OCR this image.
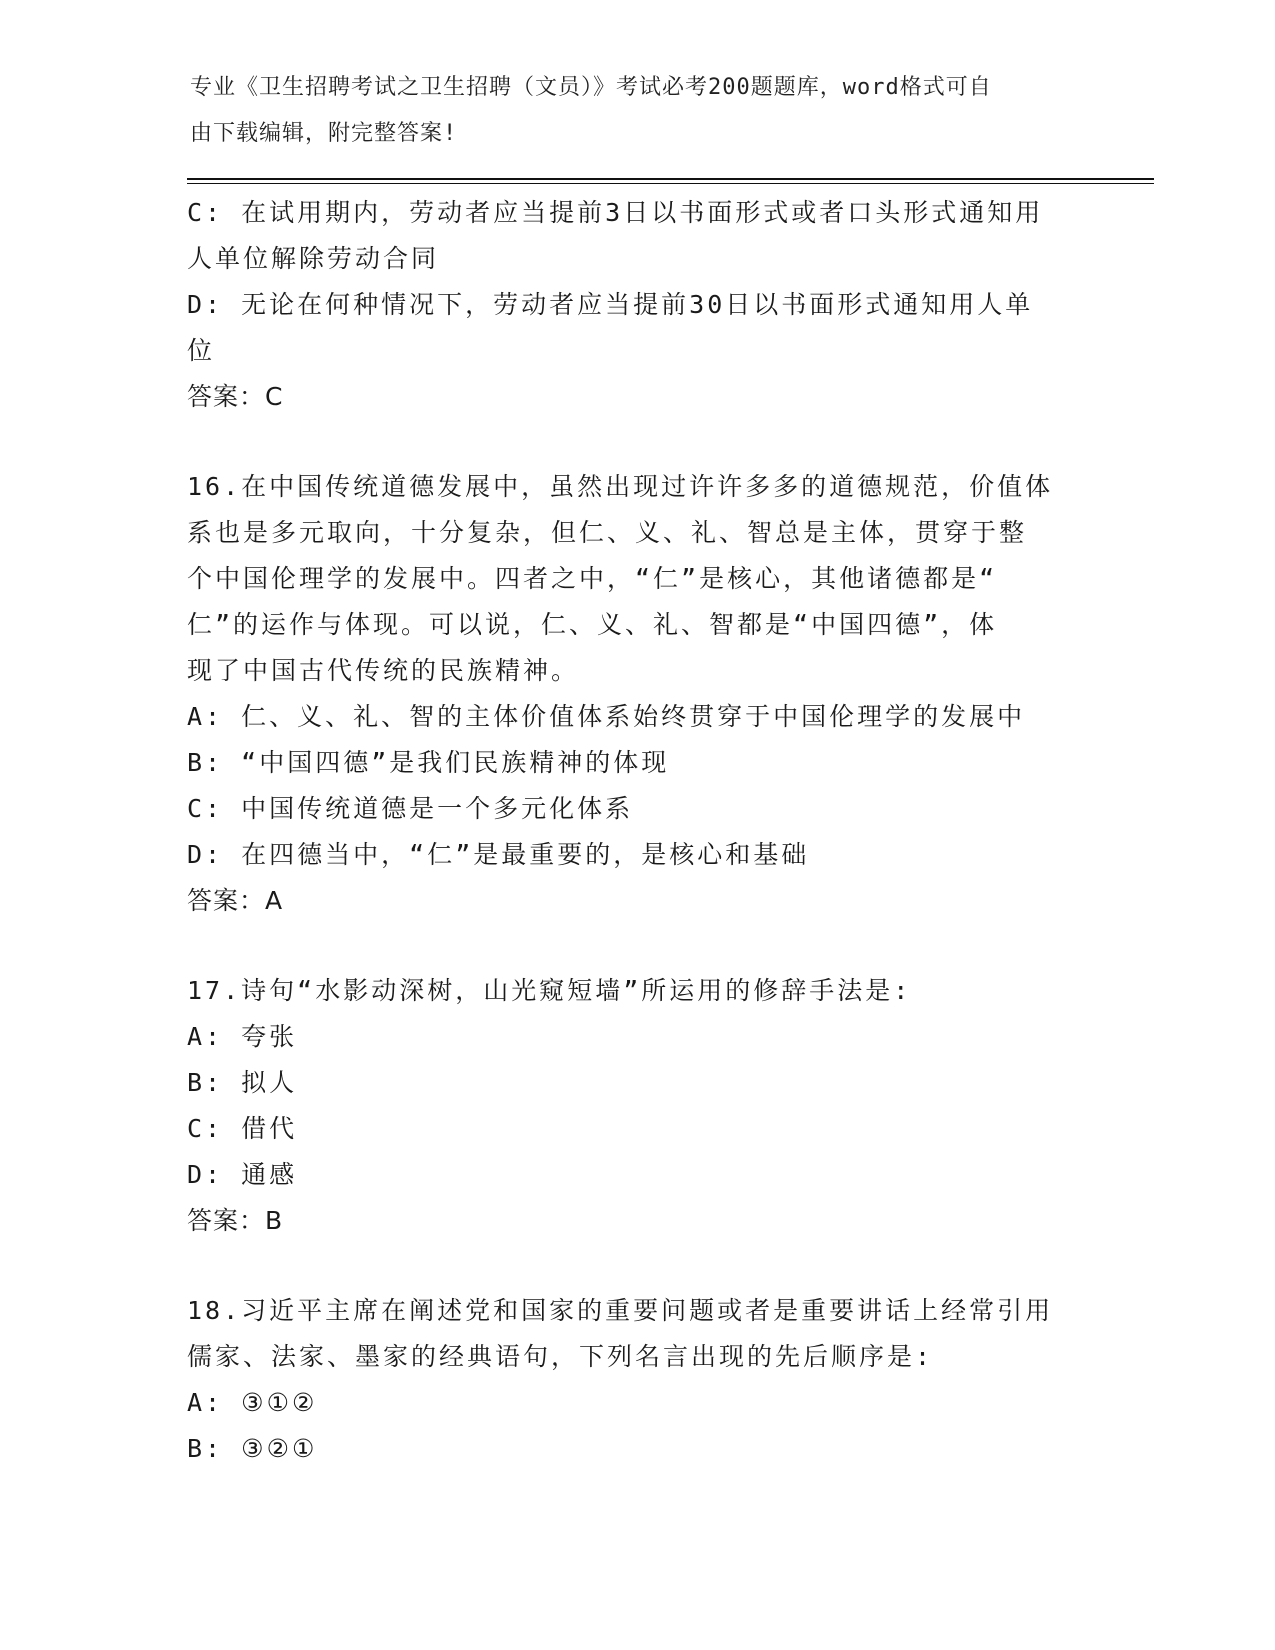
专业《卫生招聘考试之卫生招聘（文员）》考试必考200题题库，word格式可自
由下载编辑，附完整答案!
C: 在试用期内，劳动者应当提前3日以书面形式或者口头形式通知用
人单位解除劳动合同
D: 无论在何种情况下，劳动者应当提前30日以书面形式通知用人单
位
答案：C
16.在中国传统道德发展中，虽然出现过许许多多的道德规范，价值体
系也是多元取向，十分复杂，但仁、义、礼、智总是主体，贯穿于整
个中国伦理学的发展中。四者之中，“仁”是核心，其他诸德都是“
仁”的运作与体现。可以说，仁、义、礼、智都是“中国四德”，体
现了中国古代传统的民族精神。
A: 仁、义、礼、智的主体价值体系始终贯穿于中国伦理学的发展中
B: “中国四德”是我们民族精神的体现
C: 中国传统道德是一个多元化体系
D: 在四德当中，“仁”是最重要的，是核心和基础
答案：A
17.诗句“水影动深树，山光窥短墙”所运用的修辞手法是:
A: 夸张
B: 拟人
C: 借代
D: 通感
答案：B
18.习近平主席在阐述党和国家的重要问题或者是重要讲话上经常引用
儒家、法家、墨家的经典语句，下列名言出现的先后顺序是:
A: ③①②
B: ③②①
